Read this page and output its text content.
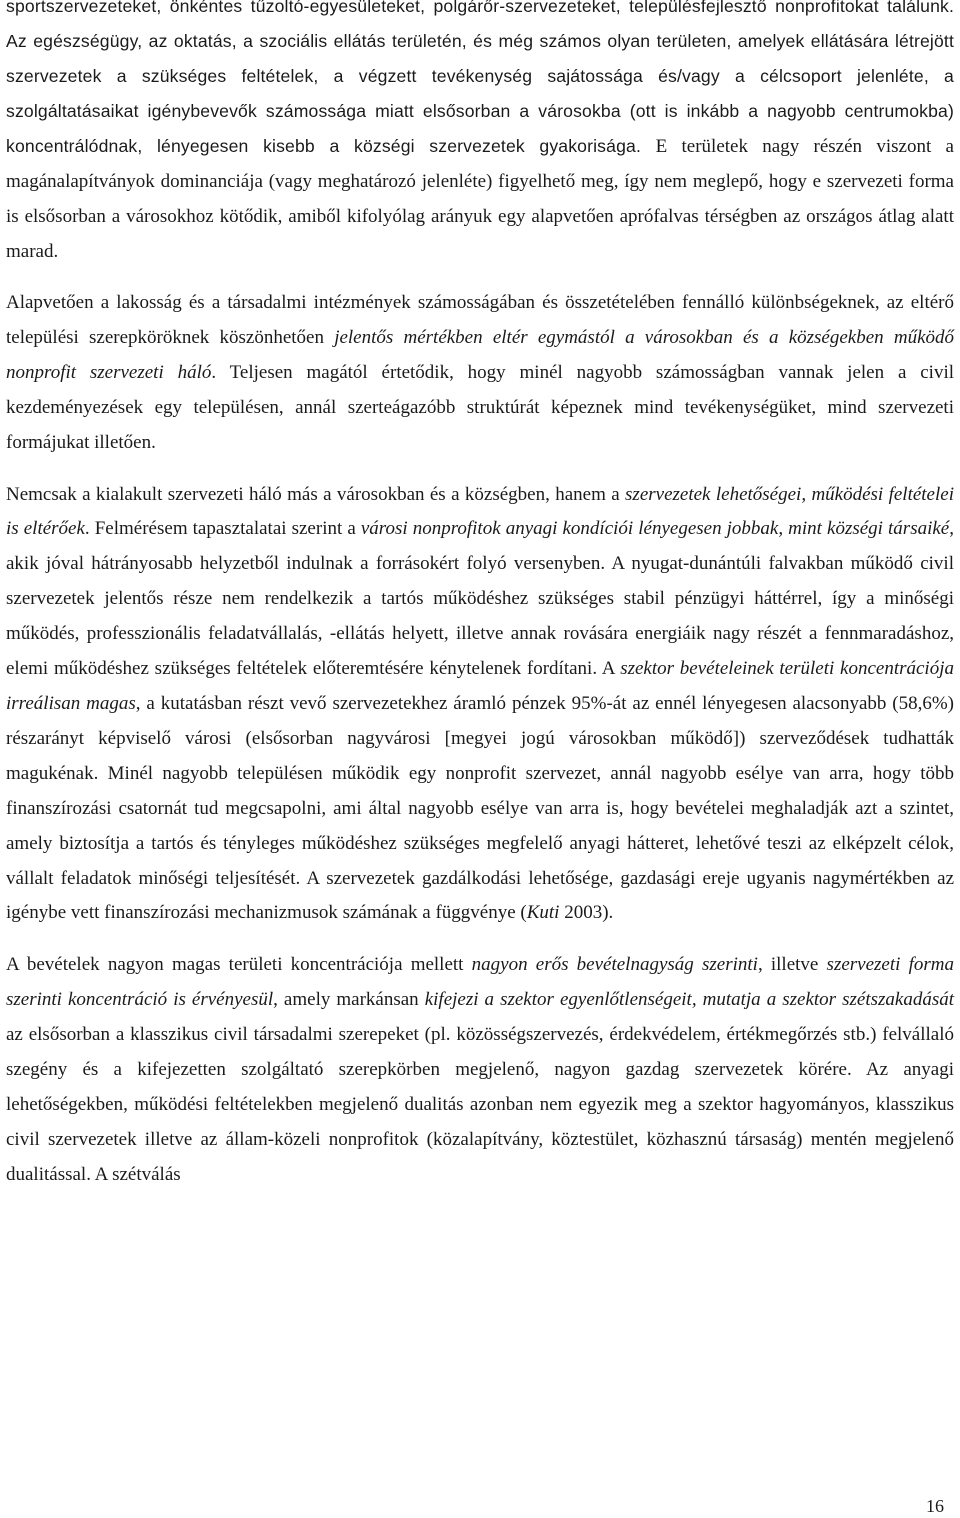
sportszervezeteket, önkéntes tűzoltó-egyesületeket, polgárőr-szervezeteket, településfejlesztő nonprofitokat találunk. Az egészségügy, az oktatás, a szociális ellátás területén, és még számos olyan területen, amelyek ellátására létrejött szervezetek a szükséges feltételek, a végzett tevékenység sajátossága és/vagy a célcsoport jelenléte, a szolgáltatásaikat igénybevevők számossága miatt elsősorban a városokba (ott is inkább a nagyobb centrumokba) koncentrálódnak, lényegesen kisebb a községi szervezetek gyakorisága. E területek nagy részén viszont a magánalapítványok dominanciája (vagy meghatározó jelenléte) figyelhető meg, így nem meglepő, hogy e szervezeti forma is elsősorban a városokhoz kötődik, amiből kifolyólag arányuk egy alapvetően aprófalvas térségben az országos átlag alatt marad.

Alapvetően a lakosság és a társadalmi intézmények számosságában és összetételében fennálló különbségeknek, az eltérő települési szerepköröknek köszönhetően jelentős mértékben eltér egymástól a városokban és a községekben működő nonprofit szervezeti háló. Teljesen magától értetődik, hogy minél nagyobb számosságban vannak jelen a civil kezdeményezések egy településen, annál szerteágazóbb struktúrát képeznek mind tevékenységüket, mind szervezeti formájukat illetően.

Nemcsak a kialakult szervezeti háló más a városokban és a községben, hanem a szervezetek lehetőségei, működési feltételei is eltérőek. Felmérésem tapasztalatai szerint a városi nonprofitok anyagi kondíciói lényegesen jobbak, mint községi társaiké, akik jóval hátrányosabb helyzetből indulnak a forrásokért folyó versenyben. A nyugat-dunántúli falvakban működő civil szervezetek jelentős része nem rendelkezik a tartós működéshez szükséges stabil pénzügyi háttérrel, így a minőségi működés, professzionális feladatvállalás, -ellátás helyett, illetve annak rovására energiáik nagy részét a fennmaradáshoz, elemi működéshez szükséges feltételek előteremtésére kénytelenek fordítani. A szektor bevételeinek területi koncentrációja irreálisan magas, a kutatásban részt vevő szervezetekhez áramló pénzek 95%-át az ennél lényegesen alacsonyabb (58,6%) részarányt képviselő városi (elsősorban nagyvárosi [megyei jogú városokban működő]) szerveződések tudhatták magukénak. Minél nagyobb településen működik egy nonprofit szervezet, annál nagyobb esélye van arra, hogy több finanszírozási csatornát tud megcsapolni, ami által nagyobb esélye van arra is, hogy bevételei meghaladják azt a szintet, amely biztosítja a tartós és tényleges működéshez szükséges megfelelő anyagi hátteret, lehetővé teszi az elképzelt célok, vállalt feladatok minőségi teljesítését. A szervezetek gazdálkodási lehetősége, gazdasági ereje ugyanis nagymértékben az igénybe vett finanszírozási mechanizmusok számának a függvénye (Kuti 2003).

A bevételek nagyon magas területi koncentrációja mellett nagyon erős bevételnagyság szerinti, illetve szervezeti forma szerinti koncentráció is érvényesül, amely markánsan kifejezi a szektor egyenlőtlenségeit, mutatja a szektor szétszakadását az elsősorban a klasszikus civil társadalmi szerepeket (pl. közösségszervezés, érdekvédelem, értékmegőrzés stb.) felvállaló szegény és a kifejezetten szolgáltató szerepkörben megjelenő, nagyon gazdag szervezetek körére. Az anyagi lehetőségekben, működési feltételekben megjelenő dualitás azonban nem egyezik meg a szektor hagyományos, klasszikus civil szervezetek illetve az állam-közeli nonprofitok (közalapítvány, köztestület, közhasznú társaság) mentén megjelenő dualitással. A szétválás

16
